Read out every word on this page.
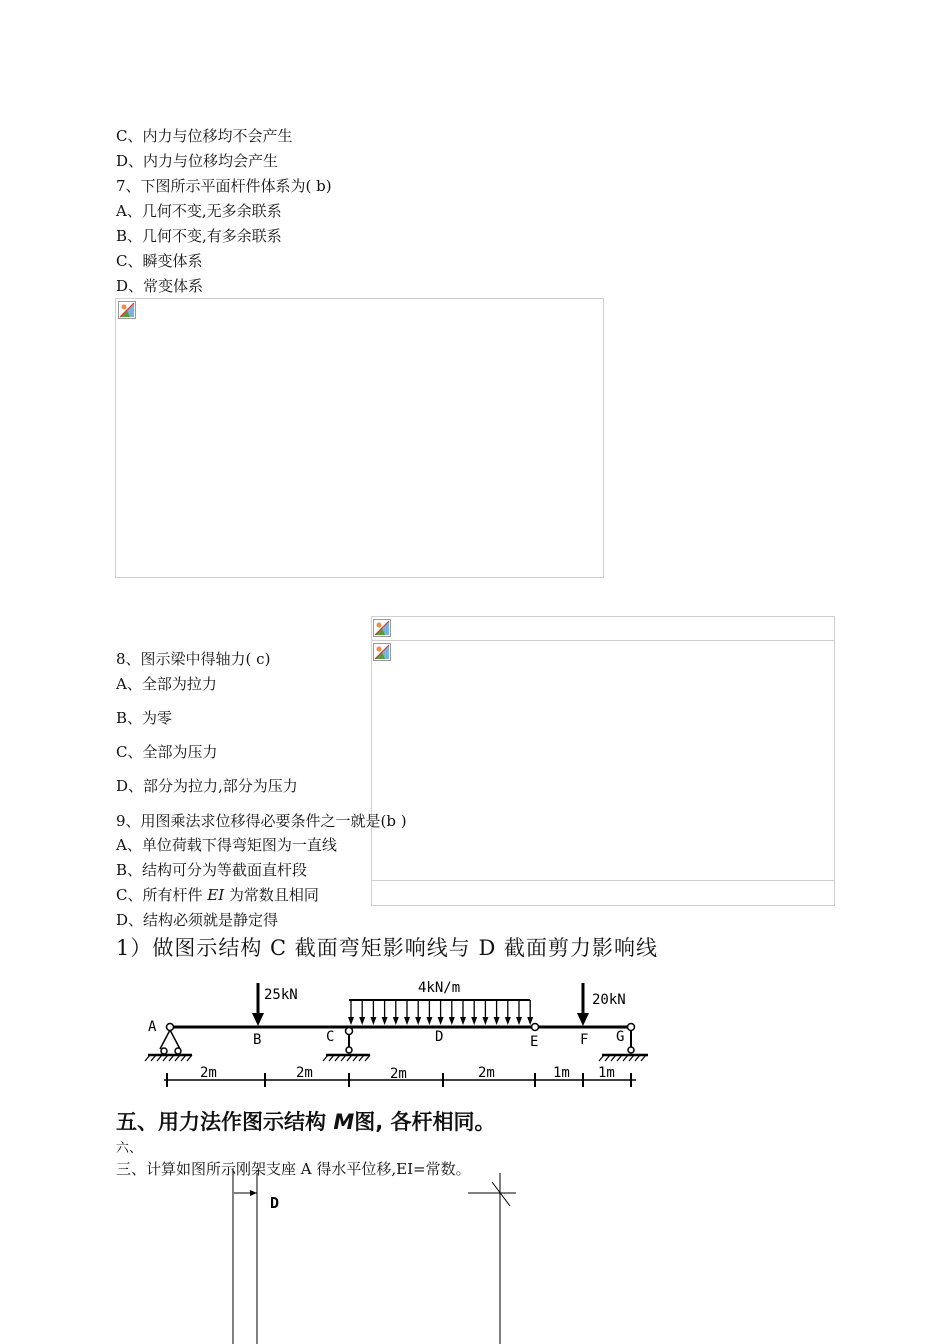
C、内力与位移均不会产生
D、内力与位移均会产生
7、下图所示平面杆件体系为( b)
A、几何不变,无多余联系
B、几何不变,有多余联系
C、瞬变体系
D、常变体系
8、图示梁中得轴力( c)
A、全部为拉力
B、为零
C、全部为压力
D、部分为拉力,部分为压力
9、用图乘法求位移得必要条件之一就是(b )
A、单位荷载下得弯矩图为一直线
B、结构可分为等截面直杆段
C、所有杆件 EI 为常数且相同
D、结构必须就是静定得
1）做图示结构 C 截面弯矩影响线与 D 截面剪力影响线
25kN	4kN/m
20kN
A
B	C	D	E	F G
2m	2m	2m	2m	1m 1m
五、用力法作图示结构 M图, 各杆相同。
六、
三、计算如图所示刚架支座 A 得水平位移,EI=常数。
D
